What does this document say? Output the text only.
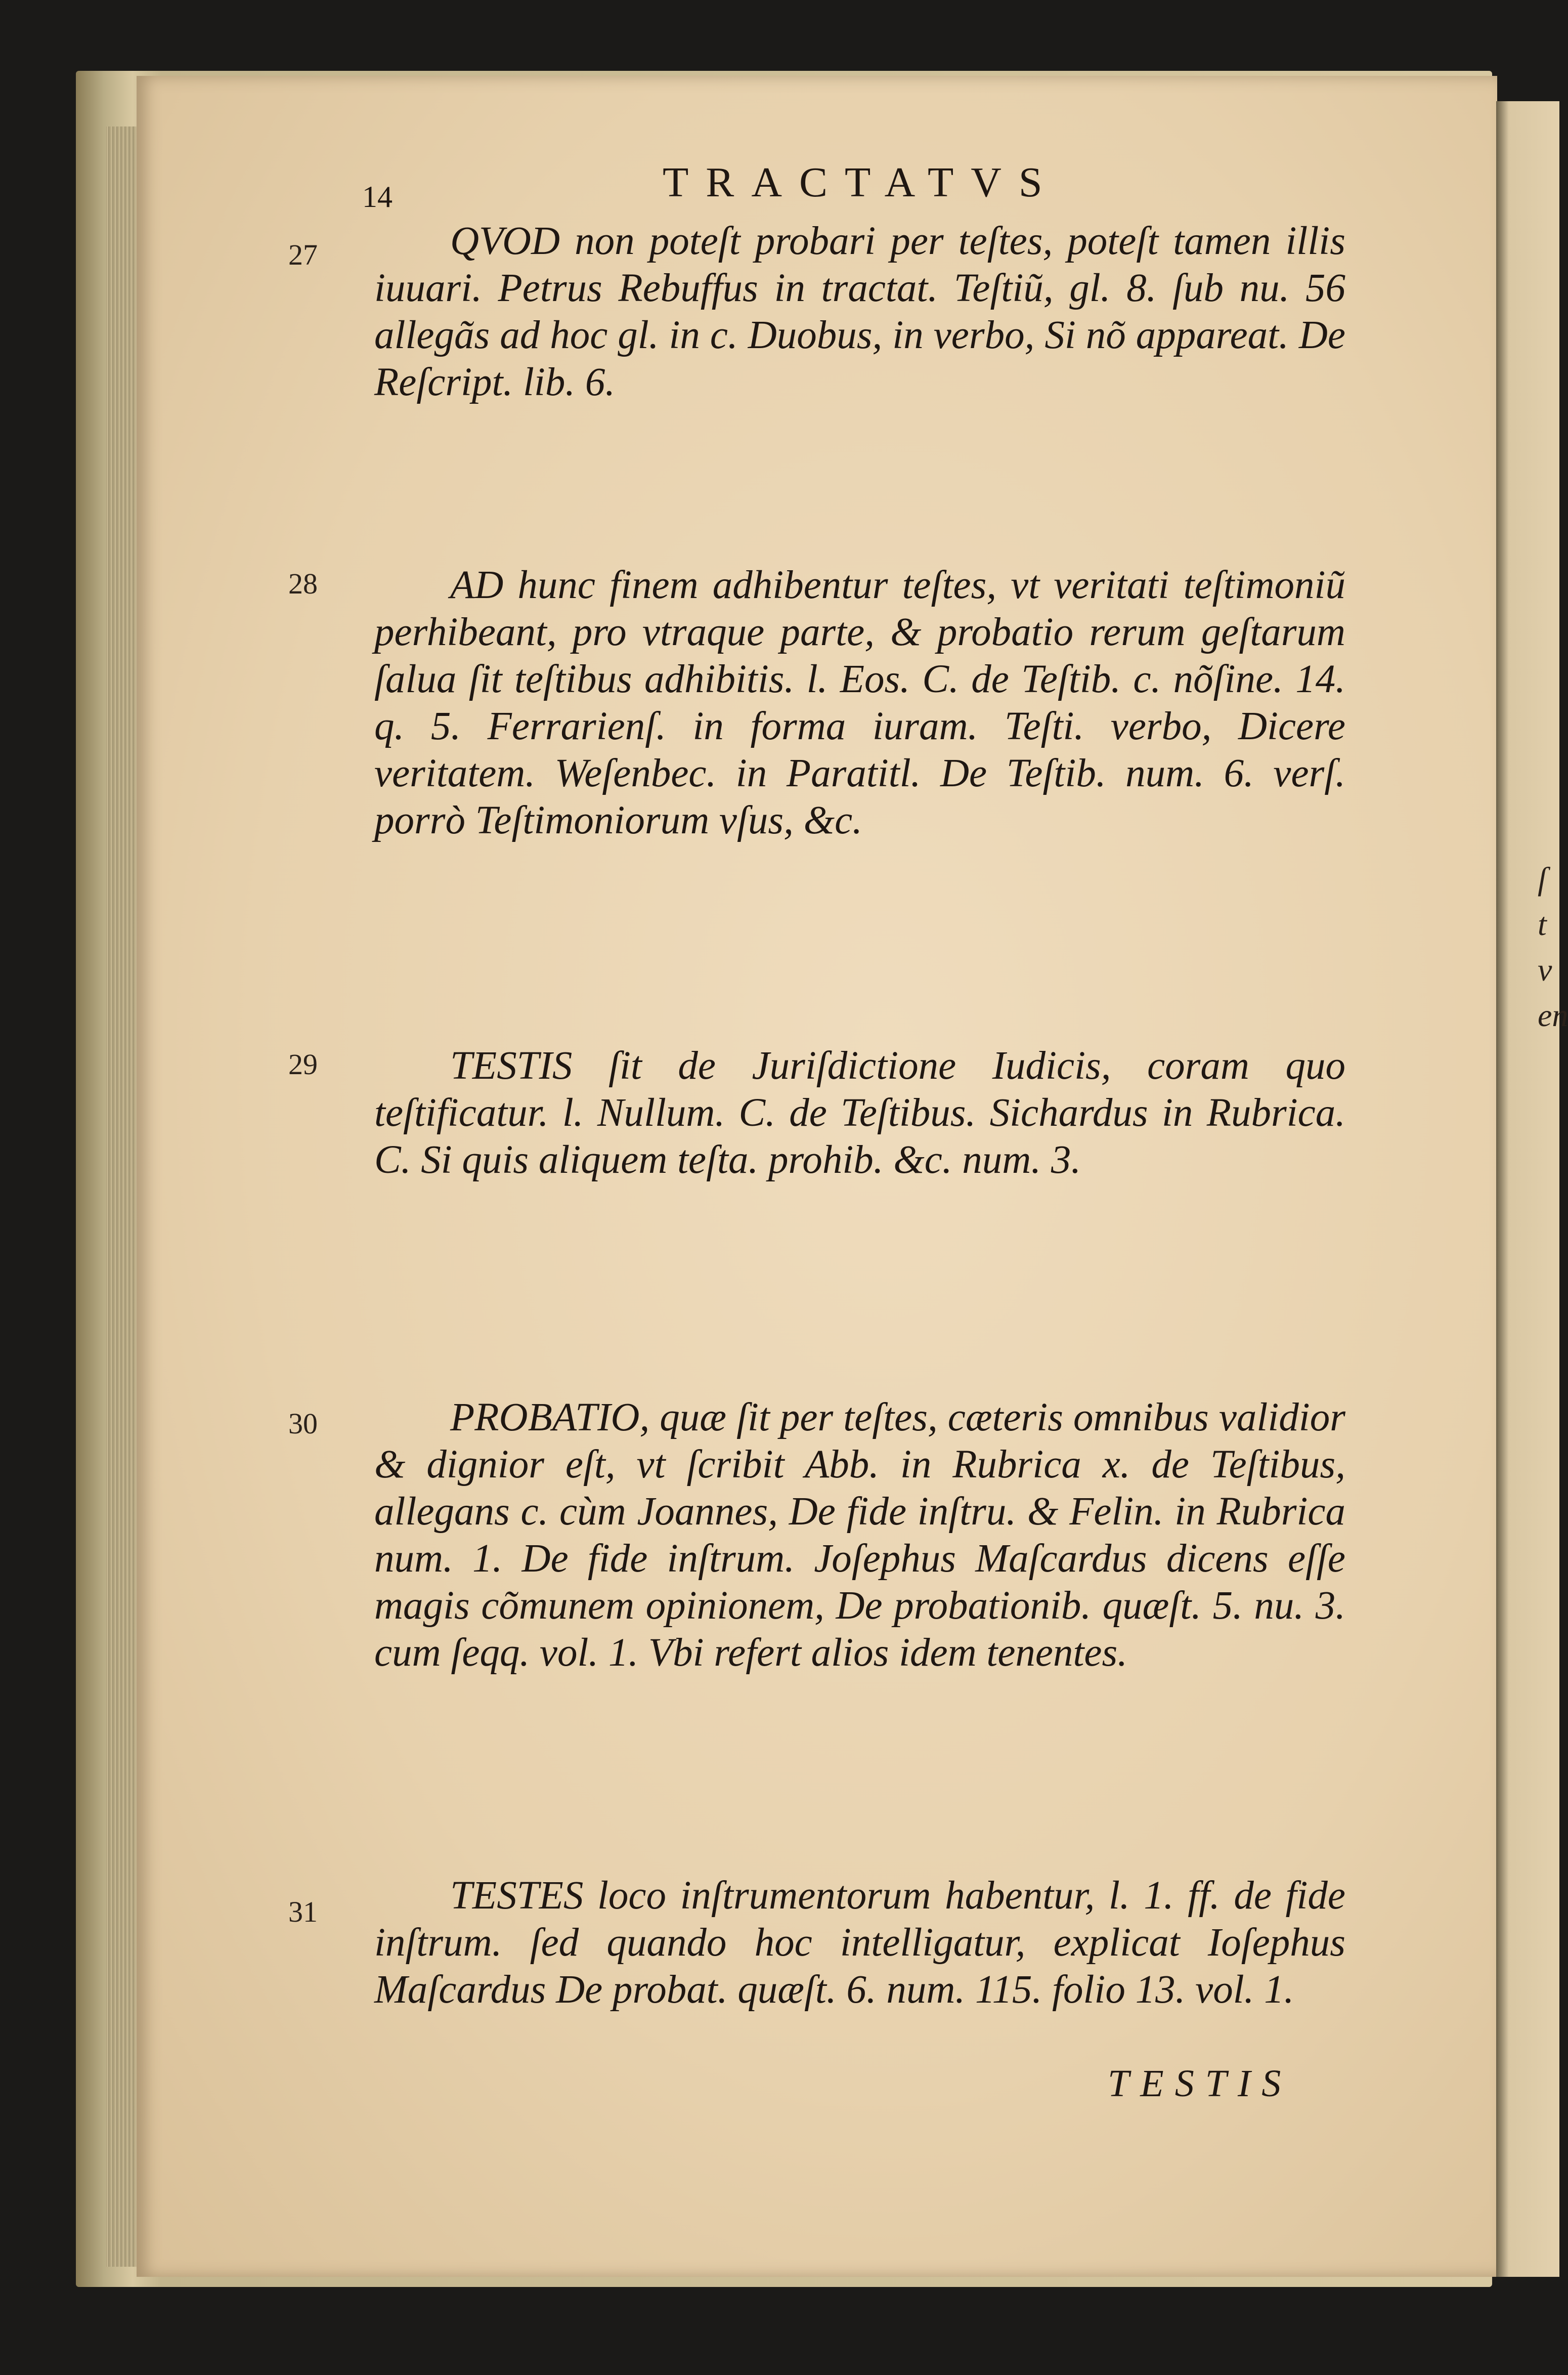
ſ
t
v
en
14	TRACTATVS
27	QVOD non poteſt probari per teſtes, poteſt tamen illis iuuari. Petrus Rebuffus in tractat. Teſtiũ, gl. 8. ſub nu. 56 allegãs ad hoc gl. in c. Duobus, in verbo, Si nõ appareat. De Reſcript. lib. 6.
28	AD hunc finem adhibentur teſtes, vt veritati teſtimoniũ perhibeant, pro vtraque parte, & probatio rerum geſtarum ſalua ſit teſtibus adhibitis. l. Eos. C. de Teſtib. c. nõſine. 14. q. 5. Ferrarienſ. in forma iuram. Teſti. verbo, Dicere veritatem. Weſenbec. in Paratitl. De Teſtib. num. 6. verſ. porrò Teſtimoniorum vſus, &c.
29	TESTIS ſit de Juriſdictione Iudicis, coram quo teſtificatur. l. Nullum. C. de Teſtibus. Sichardus in Rubrica. C. Si quis aliquem teſta. prohib. &c. num. 3.
30	PROBATIO, quæ ſit per teſtes, cæteris omnibus validior & dignior eſt, vt ſcribit Abb. in Rubrica x. de Teſtibus, allegans c. cùm Joannes, De fide inſtru. & Felin. in Rubrica num. 1. De fide inſtrum. Joſephus Maſcardus dicens eſſe magis cõmunem opinionem, De probationib. quæſt. 5. nu. 3. cum ſeqq. vol. 1. Vbi refert alios idem tenentes.
31	TESTES loco inſtrumentorum habentur, l. 1. ff. de fide inſtrum. ſed quando hoc intelligatur, explicat Ioſephus Maſcardus De probat. quæſt. 6. num. 115. folio 13. vol. 1.
TESTIS
